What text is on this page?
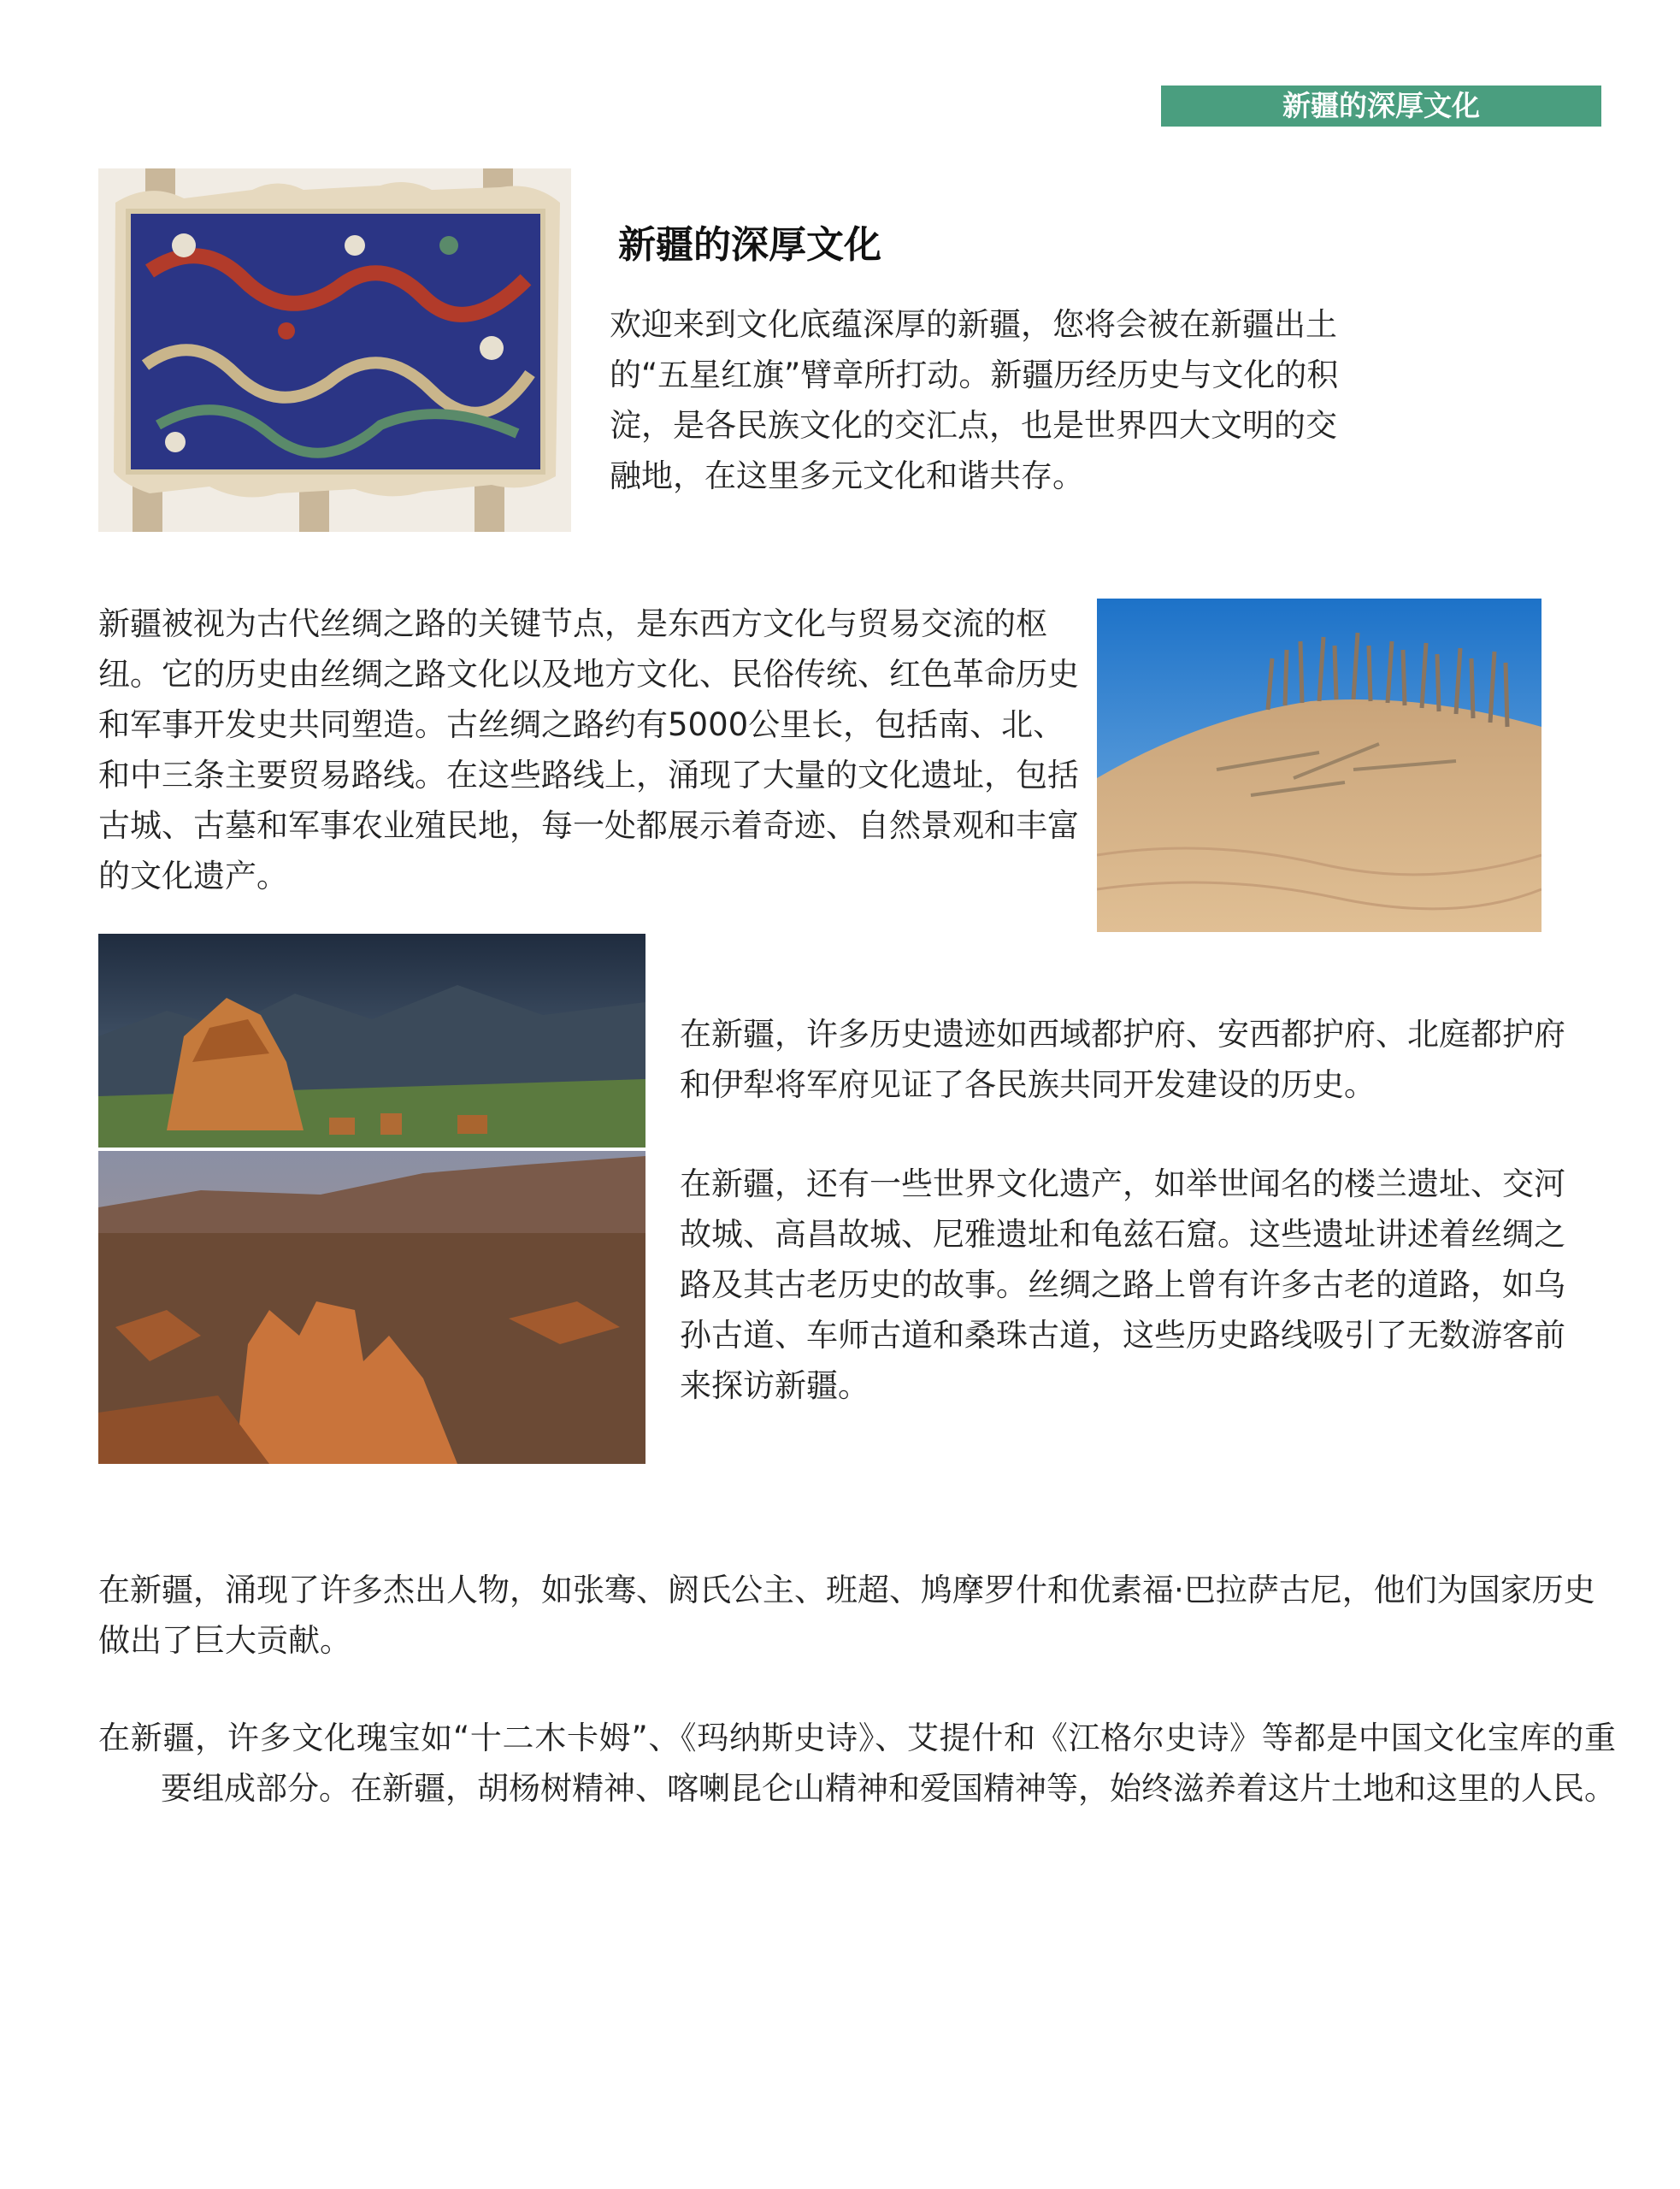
新疆的深厚文化
新疆的深厚文化

欢迎来到文化底蕴深厚的新疆，您将会被在新疆出土的“五星红旗”臂章所打动。新疆历经历史与文化的积淀，是各民族文化的交汇点，也是世界四大文明的交融地，在这里多元文化和谐共存。

新疆被视为古代丝绸之路的关键节点，是东西方文化与贸易交流的枢纽。它的历史由丝绸之路文化以及地方文化、民俗传统、红色革命历史和军事开发史共同塑造。古丝绸之路约有5000公里长，包括南、北、和中三条主要贸易路线。在这些路线上，涌现了大量的文化遗址，包括古城、古墓和军事农业殖民地，每一处都展示着奇迹、自然景观和丰富的文化遗产。

在新疆，许多历史遗迹如西域都护府、安西都护府、北庭都护府和伊犁将军府见证了各民族共同开发建设的历史。

在新疆，还有一些世界文化遗产，如举世闻名的楼兰遗址、交河故城、高昌故城、尼雅遗址和龟兹石窟。这些遗址讲述着丝绸之路及其古老历史的故事。丝绸之路上曾有许多古老的道路，如乌孙古道、车师古道和桑珠古道，这些历史路线吸引了无数游客前来探访新疆。

在新疆，涌现了许多杰出人物，如张骞、阏氏公主、班超、鸠摩罗什和优素福·巴拉萨古尼，他们为国家历史做出了巨大贡献。

在新疆，许多文化瑰宝如“十二木卡姆”、《玛纳斯史诗》、艾提什和《江格尔史诗》等都是中国文化宝库的重要组成部分。在新疆，胡杨树精神、喀喇昆仑山精神和爱国精神等，始终滋养着这片土地和这里的人民。
